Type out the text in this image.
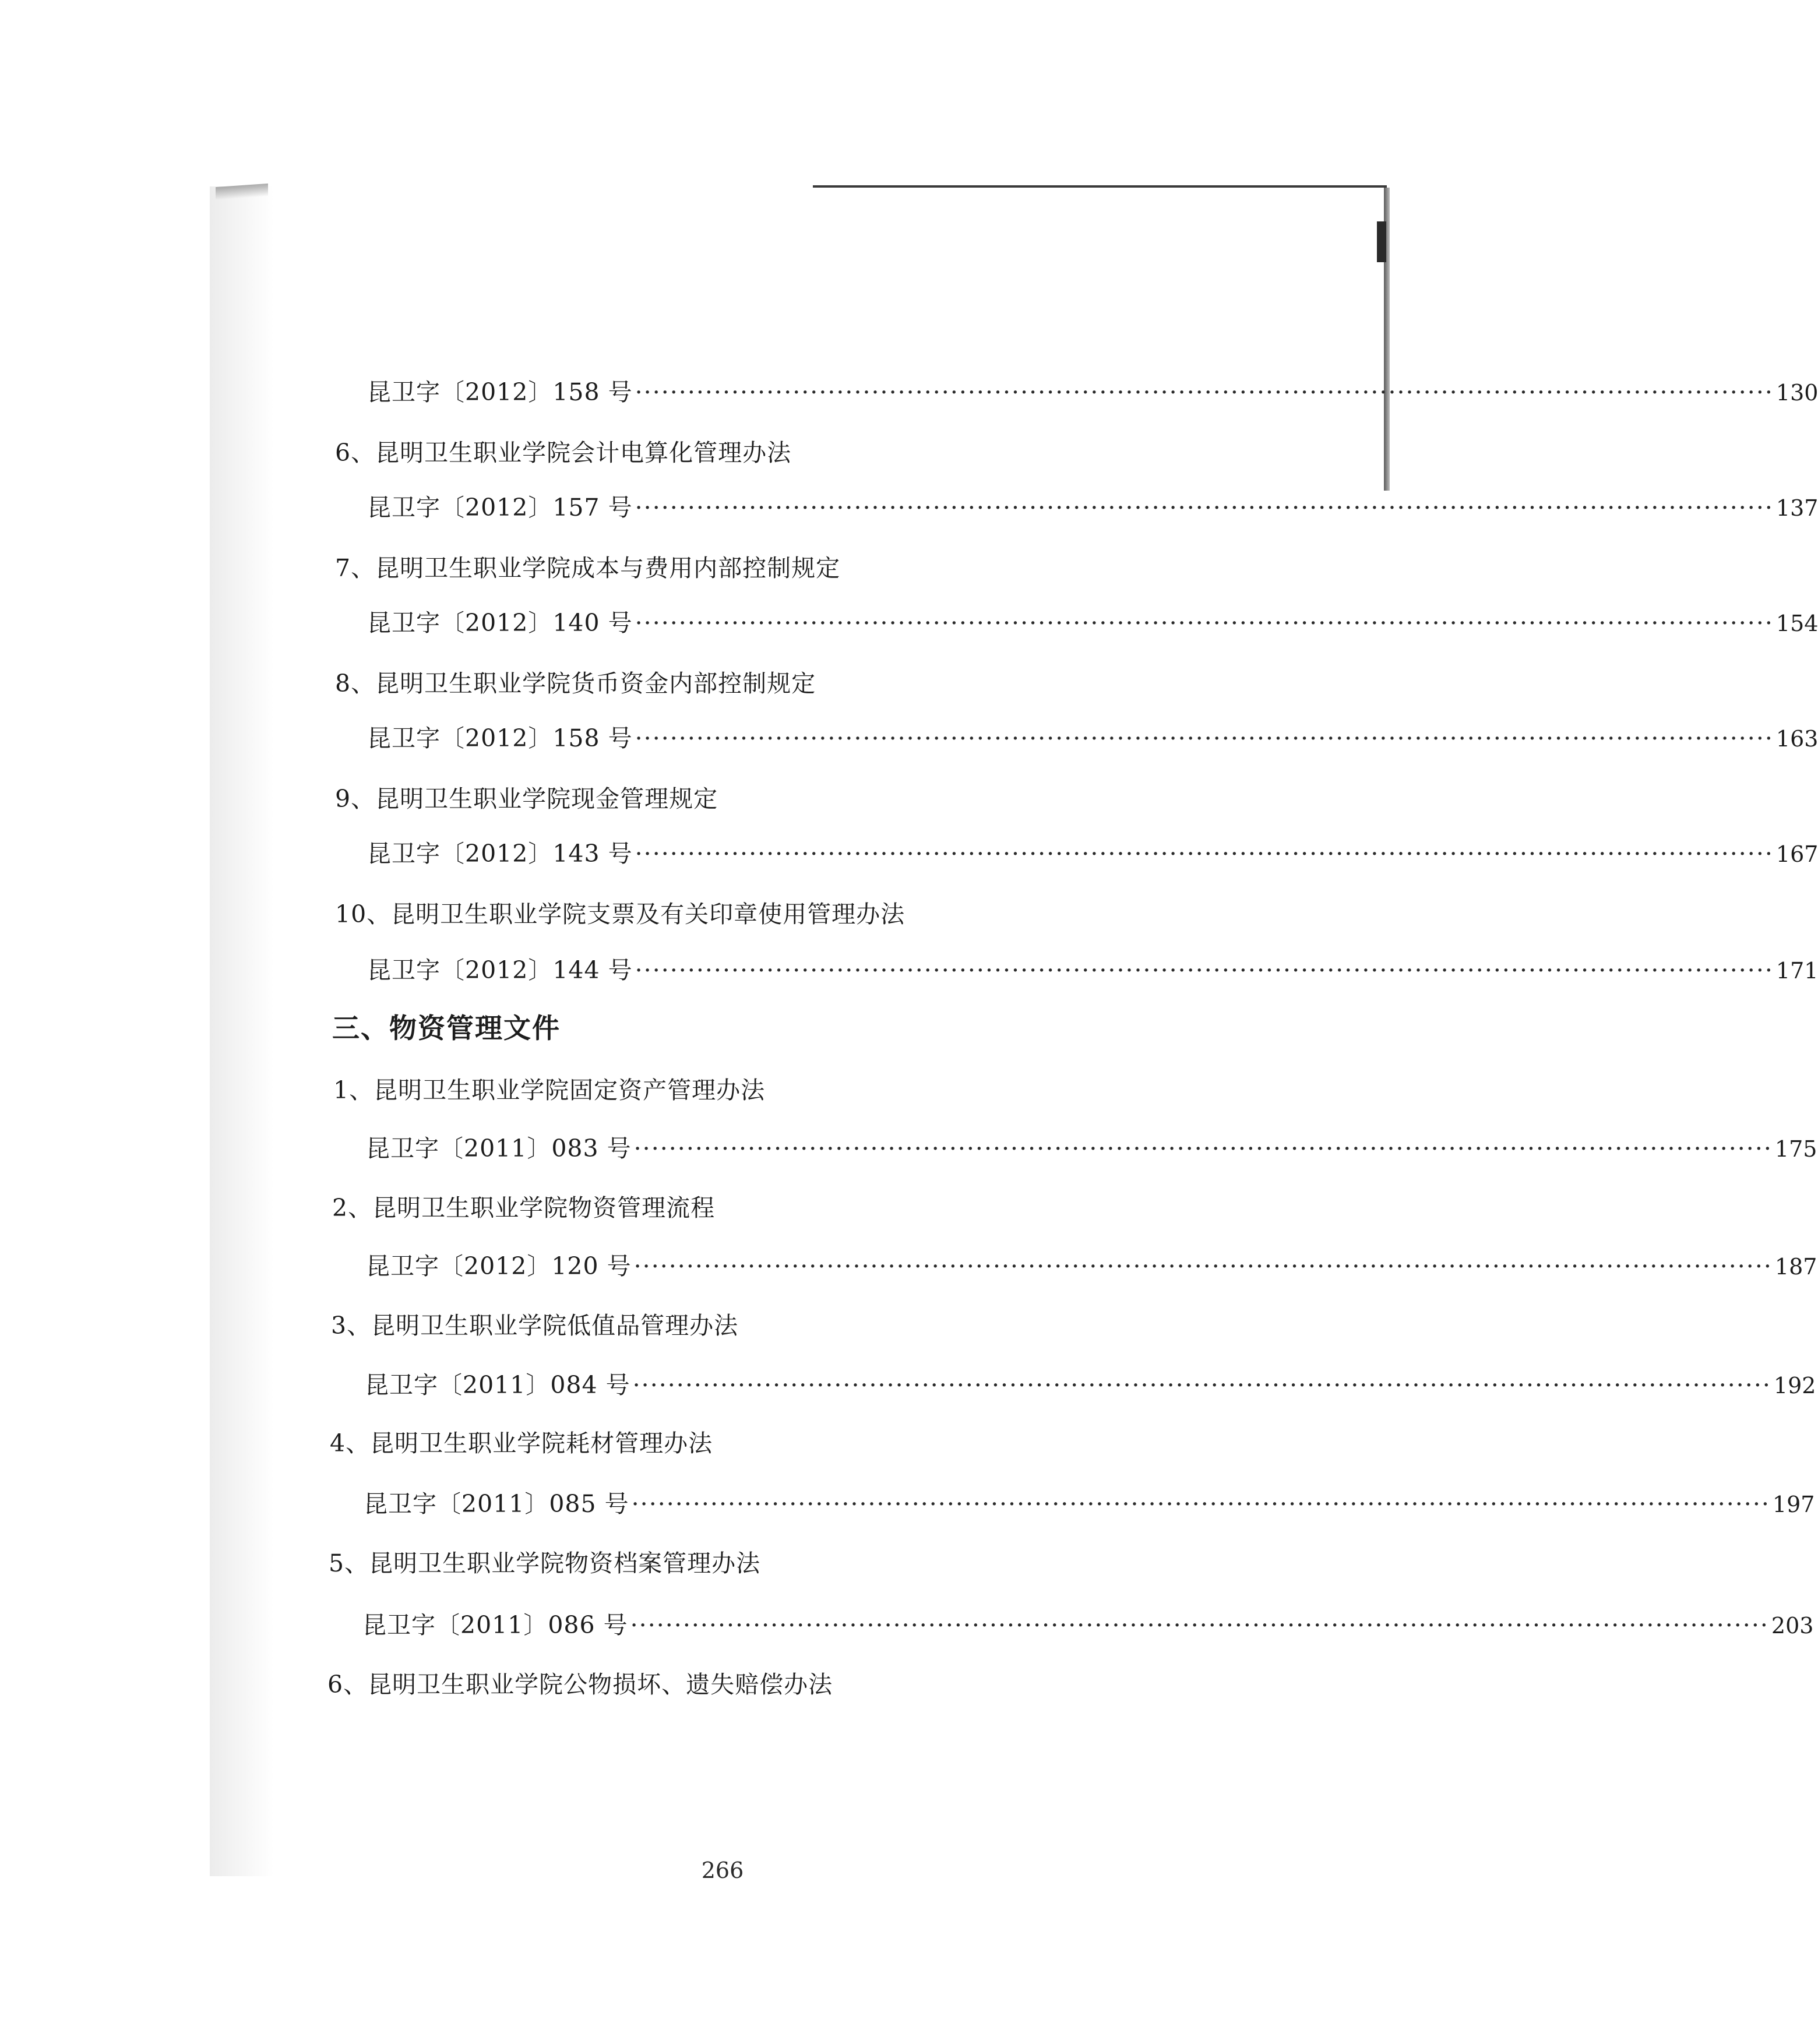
昆卫字〔2012〕158 号 ·································································································································· 130
6、昆明卫生职业学院会计电算化管理办法
昆卫字〔2012〕157 号 ·································································································································· 137
7、昆明卫生职业学院成本与费用内部控制规定
昆卫字〔2012〕140 号 ·································································································································· 154
8、昆明卫生职业学院货币资金内部控制规定
昆卫字〔2012〕158 号 ·································································································································· 163
9、昆明卫生职业学院现金管理规定
昆卫字〔2012〕143 号 ·································································································································· 167
10、昆明卫生职业学院支票及有关印章使用管理办法
昆卫字〔2012〕144 号 ·································································································································· 171
三、物资管理文件
1、昆明卫生职业学院固定资产管理办法
昆卫字〔2011〕083 号 ·································································································································· 175
2、昆明卫生职业学院物资管理流程
昆卫字〔2012〕120 号 ·································································································································· 187
3、昆明卫生职业学院低值品管理办法
昆卫字〔2011〕084 号 ·································································································································· 192
4、昆明卫生职业学院耗材管理办法
昆卫字〔2011〕085 号 ·································································································································· 197
5、昆明卫生职业学院物资档案管理办法
昆卫字〔2011〕086 号 ·································································································································· 203
6、昆明卫生职业学院公物损坏、遗失赔偿办法
266
